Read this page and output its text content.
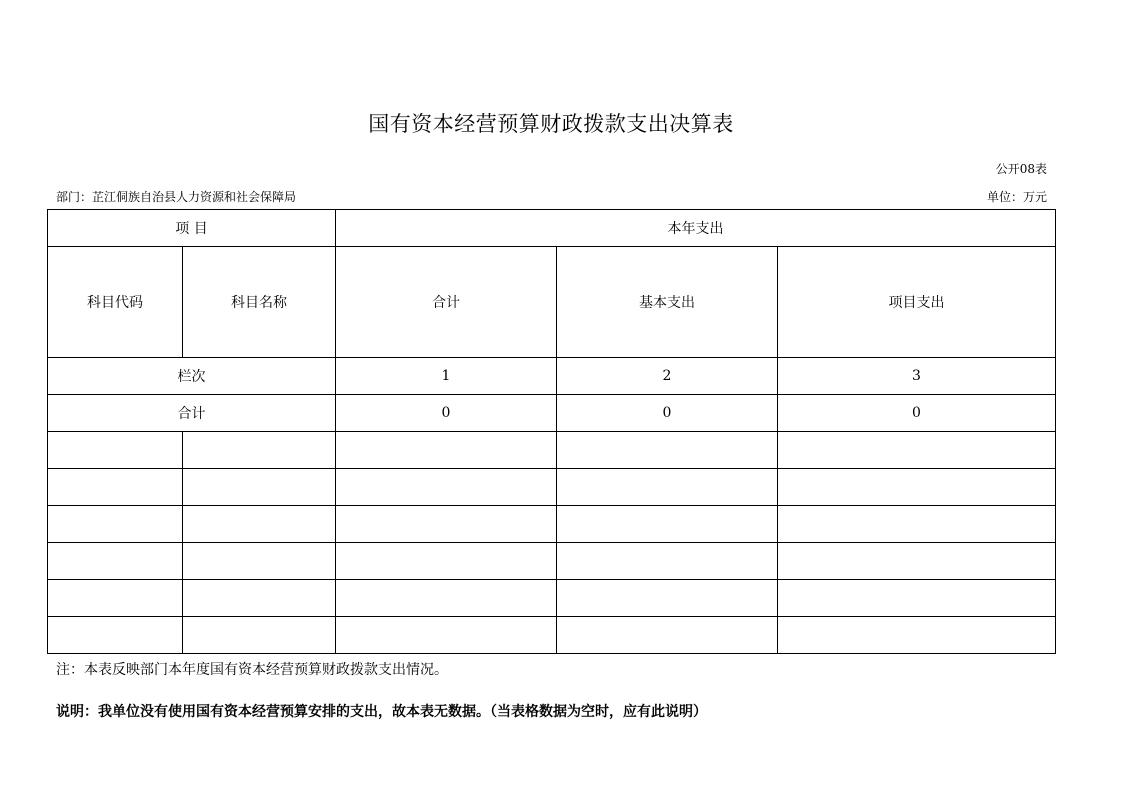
国有资本经营预算财政拨款支出决算表
公开08表
部门：芷江侗族自治县人力资源和社会保障局	单位：万元
项 目		本年支出		
科目代码	科目名称	合计	基本支出	项目支出
栏次		1	2	3
合计		0	0	0

注：本表反映部门本年度国有资本经营预算财政拨款支出情况。
说明：我单位没有使用国有资本经营预算安排的支出，故本表无数据。（当表格数据为空时，应有此说明）
